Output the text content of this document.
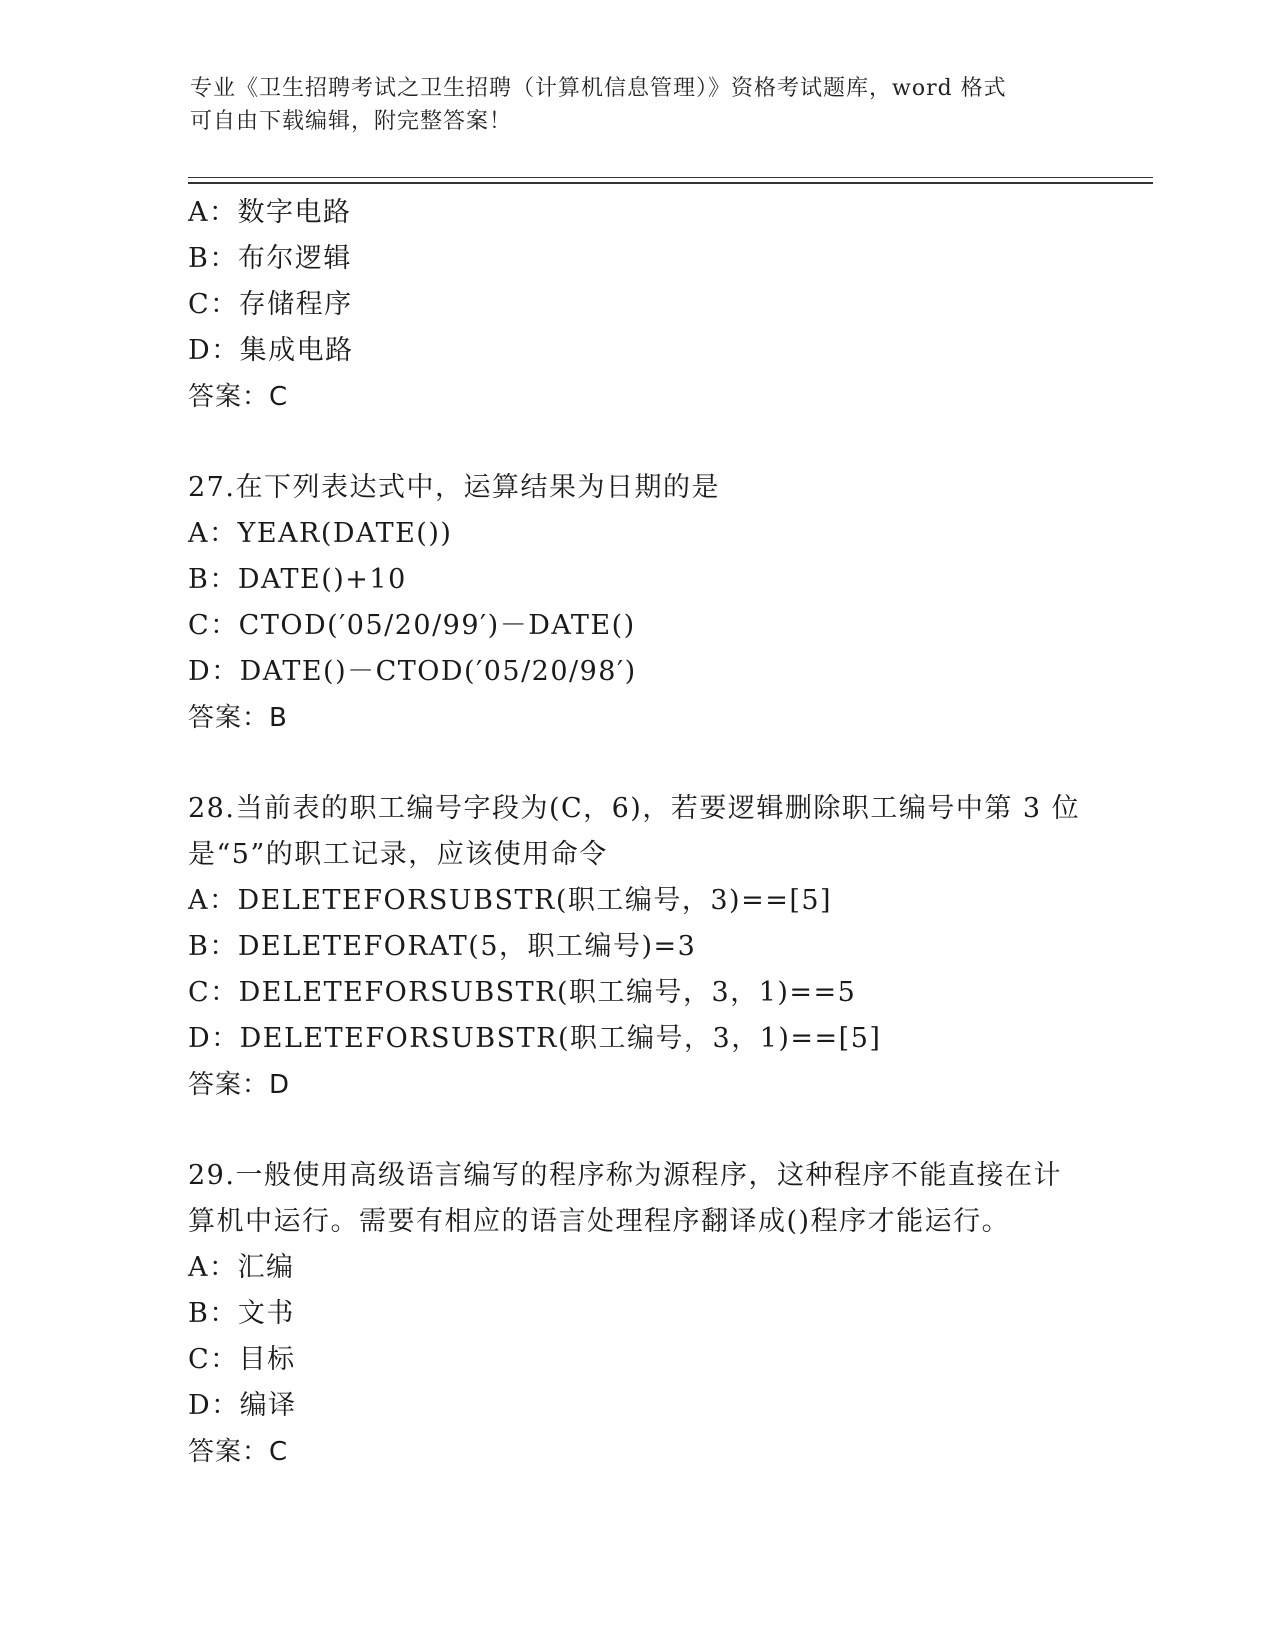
专业《卫生招聘考试之卫生招聘（计算机信息管理）》资格考试题库，word 格式
可自由下载编辑，附完整答案！
A：数字电路
B：布尔逻辑
C：存储程序
D：集成电路
答案：C
27.在下列表达式中，运算结果为日期的是
A：YEAR(DATE())
B：DATE()+10
C：CTOD(′05/20/99′)－DATE()
D：DATE()－CTOD(′05/20/98′)
答案：B
28.当前表的职工编号字段为(C，6)，若要逻辑删除职工编号中第 3 位
是“5”的职工记录，应该使用命令
A：DELETEFORSUBSTR(职工编号，3)==[5]
B：DELETEFORAT(5，职工编号)=3
C：DELETEFORSUBSTR(职工编号，3，1)==5
D：DELETEFORSUBSTR(职工编号，3，1)==[5]
答案：D
29.一般使用高级语言编写的程序称为源程序，这种程序不能直接在计
算机中运行。需要有相应的语言处理程序翻译成()程序才能运行。
A：汇编
B：文书
C：目标
D：编译
答案：C
